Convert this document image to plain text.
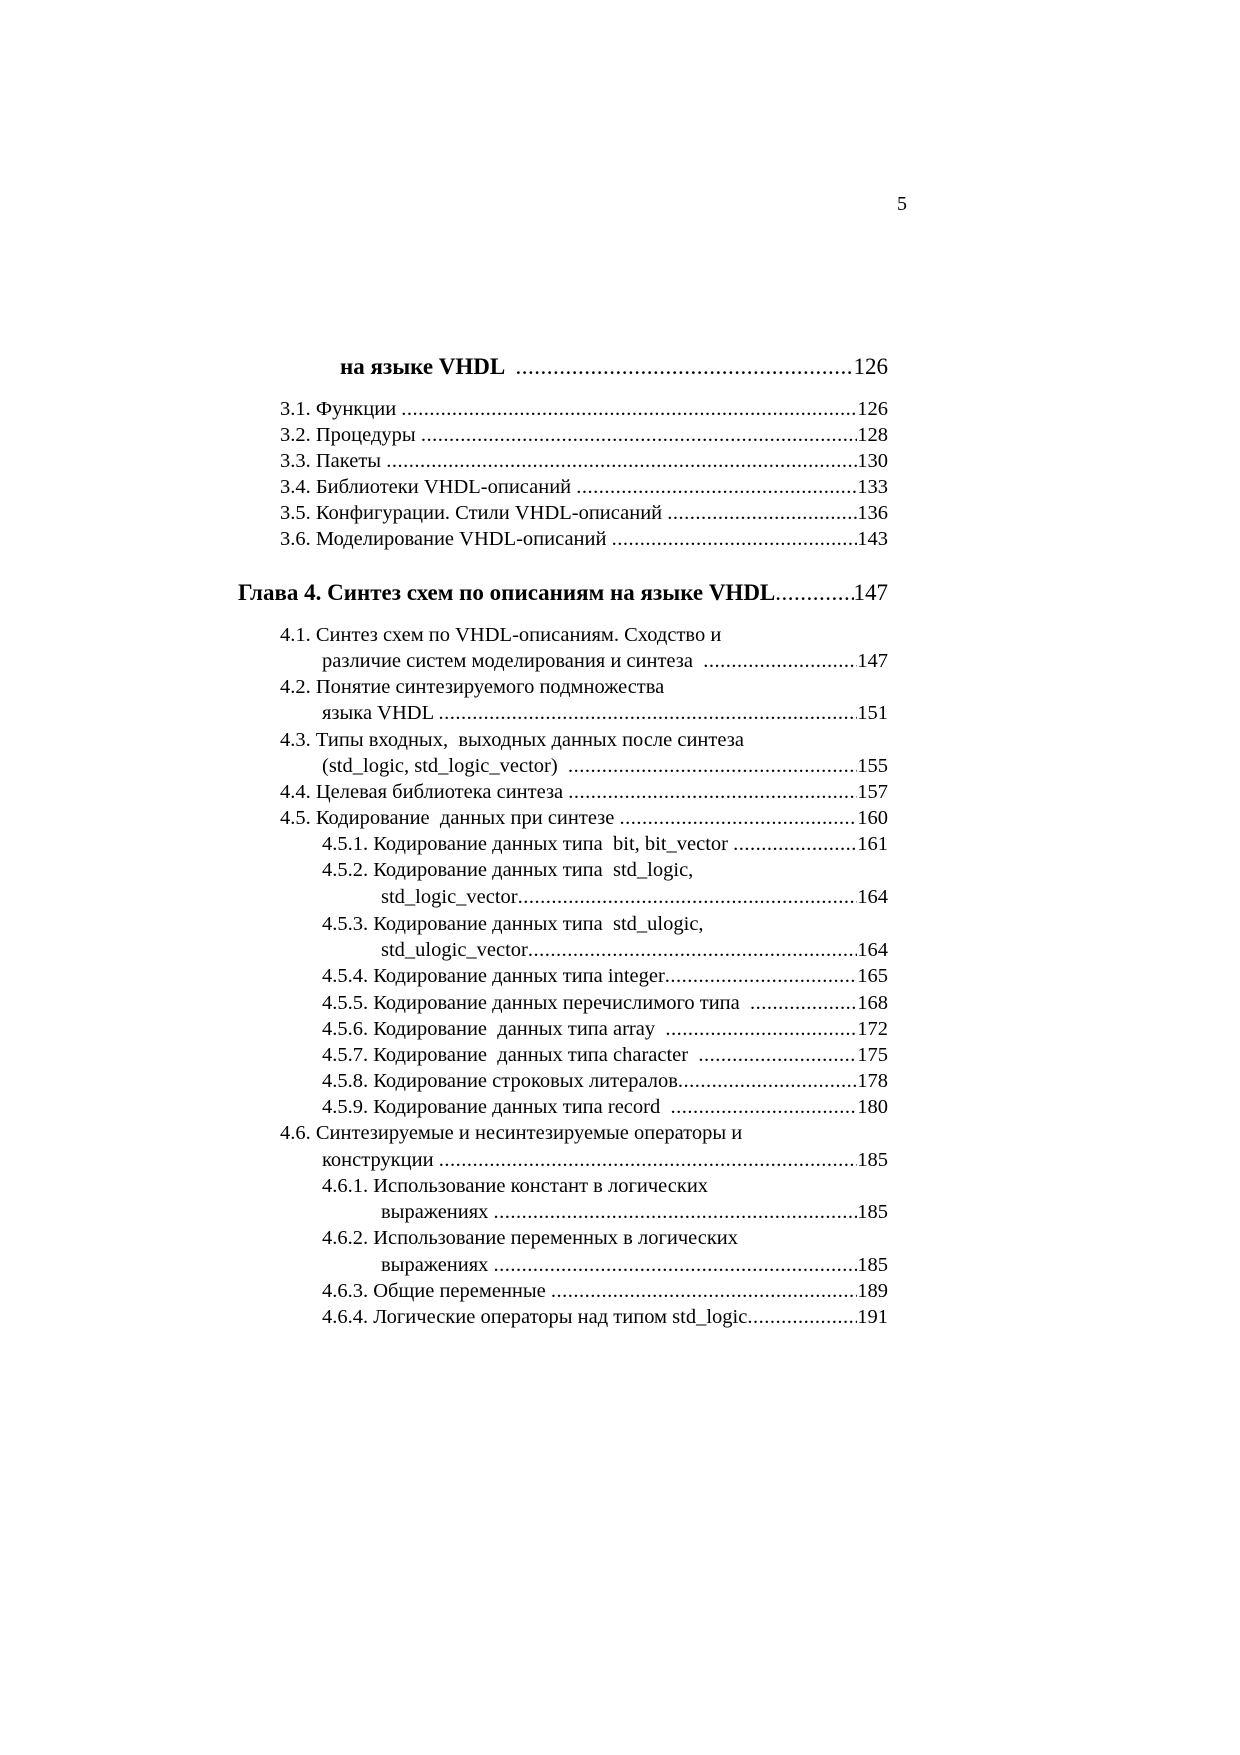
5
на языке VHDL .....	126
3.1. Функции .....	126
3.2. Процедуры .....	128
3.3. Пакеты .....	130
3.4. Библиотеки VHDL-описаний .....	133
3.5. Конфигурации. Стили VHDL-описаний .....	136
3.6. Моделирование VHDL-описаний .....	143
Глава 4. Синтез схем по описаниям на языке VHDL .....	147
4.1. Синтез схем по VHDL-описаниям. Сходство и
различие систем моделирования и синтеза .....	147
4.2. Понятие синтезируемого подмножества
языка VHDL .....	151
4.3. Типы входных,  выходных данных после синтеза
(std_logic, std_logic_vector) .....	155
4.4. Целевая библиотека синтеза .....	157
4.5. Кодирование  данных при синтезе .....	160
4.5.1. Кодирование данных типа  bit, bit_vector .....	161
4.5.2. Кодирование данных типа  std_logic,
std_logic_vector .....	164
4.5.3. Кодирование данных типа  std_ulogic,
std_ulogic_vector .....	164
4.5.4. Кодирование данных типа integer .....	165
4.5.5. Кодирование данных перечислимого типа .....	168
4.5.6. Кодирование  данных типа array .....	172
4.5.7. Кодирование  данных типа character .....	175
4.5.8. Кодирование строковых литералов .....	178
4.5.9. Кодирование данных типа record .....	180
4.6. Синтезируемые и несинтезируемые операторы и
конструкции .....	185
4.6.1. Использование констант в логических
выражениях .....	185
4.6.2. Использование переменных в логических
выражениях .....	185
4.6.3. Общие переменные .....	189
4.6.4. Логические операторы над типом std_logic .....	191
